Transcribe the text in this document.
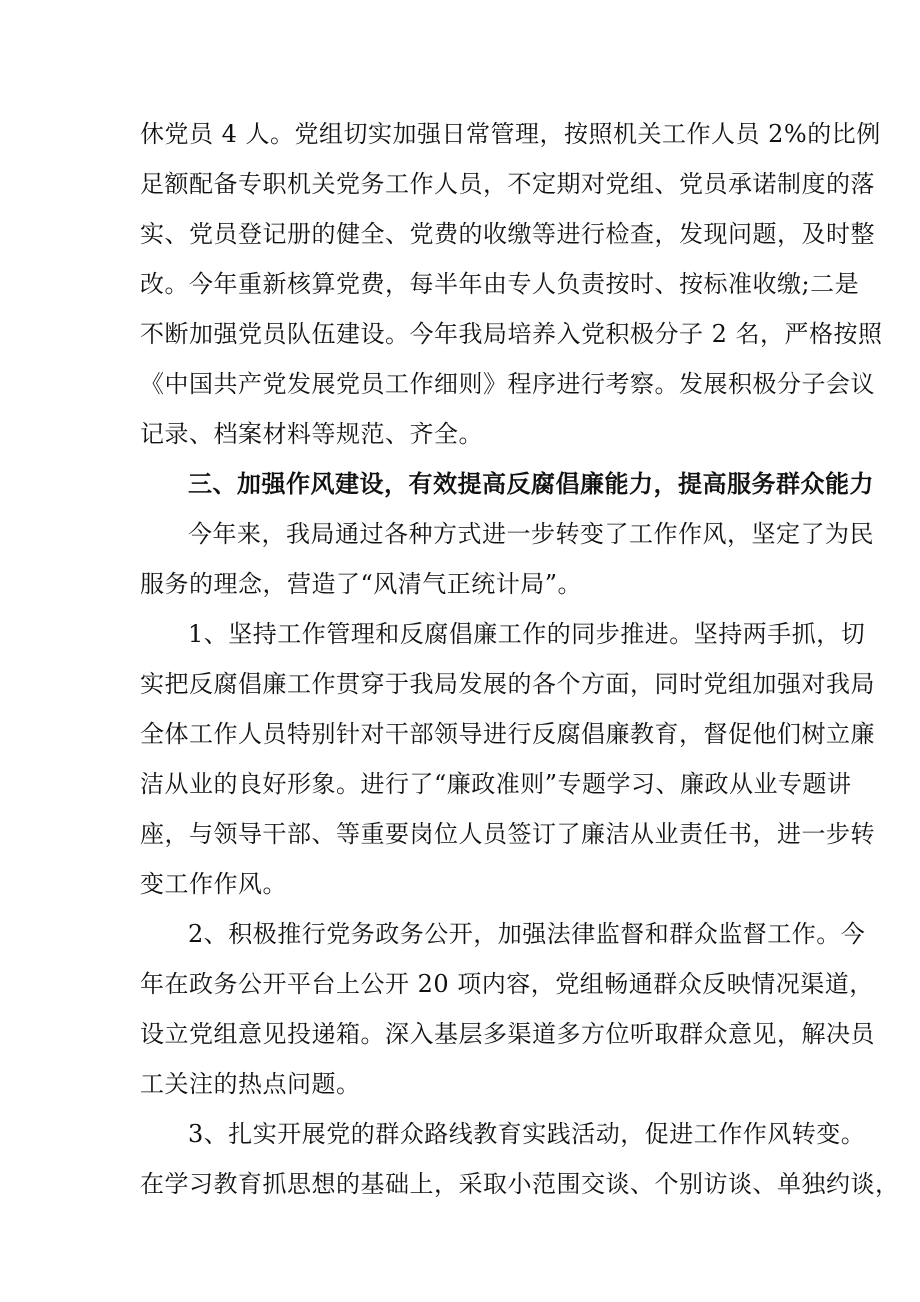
休党员 4 人。党组切实加强日常管理，按照机关工作人员 2%的比例
足额配备专职机关党务工作人员，不定期对党组、党员承诺制度的落
实、党员登记册的健全、党费的收缴等进行检查，发现问题，及时整
改。今年重新核算党费，每半年由专人负责按时、按标准收缴;二是
不断加强党员队伍建设。今年我局培养入党积极分子 2 名，严格按照
《中国共产党发展党员工作细则》程序进行考察。发展积极分子会议
记录、档案材料等规范、齐全。
三、加强作风建设，有效提高反腐倡廉能力，提高服务群众能力
今年来，我局通过各种方式进一步转变了工作作风，坚定了为民
服务的理念，营造了“风清气正统计局”。
1、坚持工作管理和反腐倡廉工作的同步推进。坚持两手抓，切
实把反腐倡廉工作贯穿于我局发展的各个方面，同时党组加强对我局
全体工作人员特别针对干部领导进行反腐倡廉教育，督促他们树立廉
洁从业的良好形象。进行了“廉政准则”专题学习、廉政从业专题讲
座，与领导干部、等重要岗位人员签订了廉洁从业责任书，进一步转
变工作作风。
2、积极推行党务政务公开，加强法律监督和群众监督工作。今
年在政务公开平台上公开 20 项内容，党组畅通群众反映情况渠道，
设立党组意见投递箱。深入基层多渠道多方位听取群众意见，解决员
工关注的热点问题。
3、扎实开展党的群众路线教育实践活动，促进工作作风转变。
在学习教育抓思想的基础上，采取小范围交谈、个别访谈、单独约谈，
